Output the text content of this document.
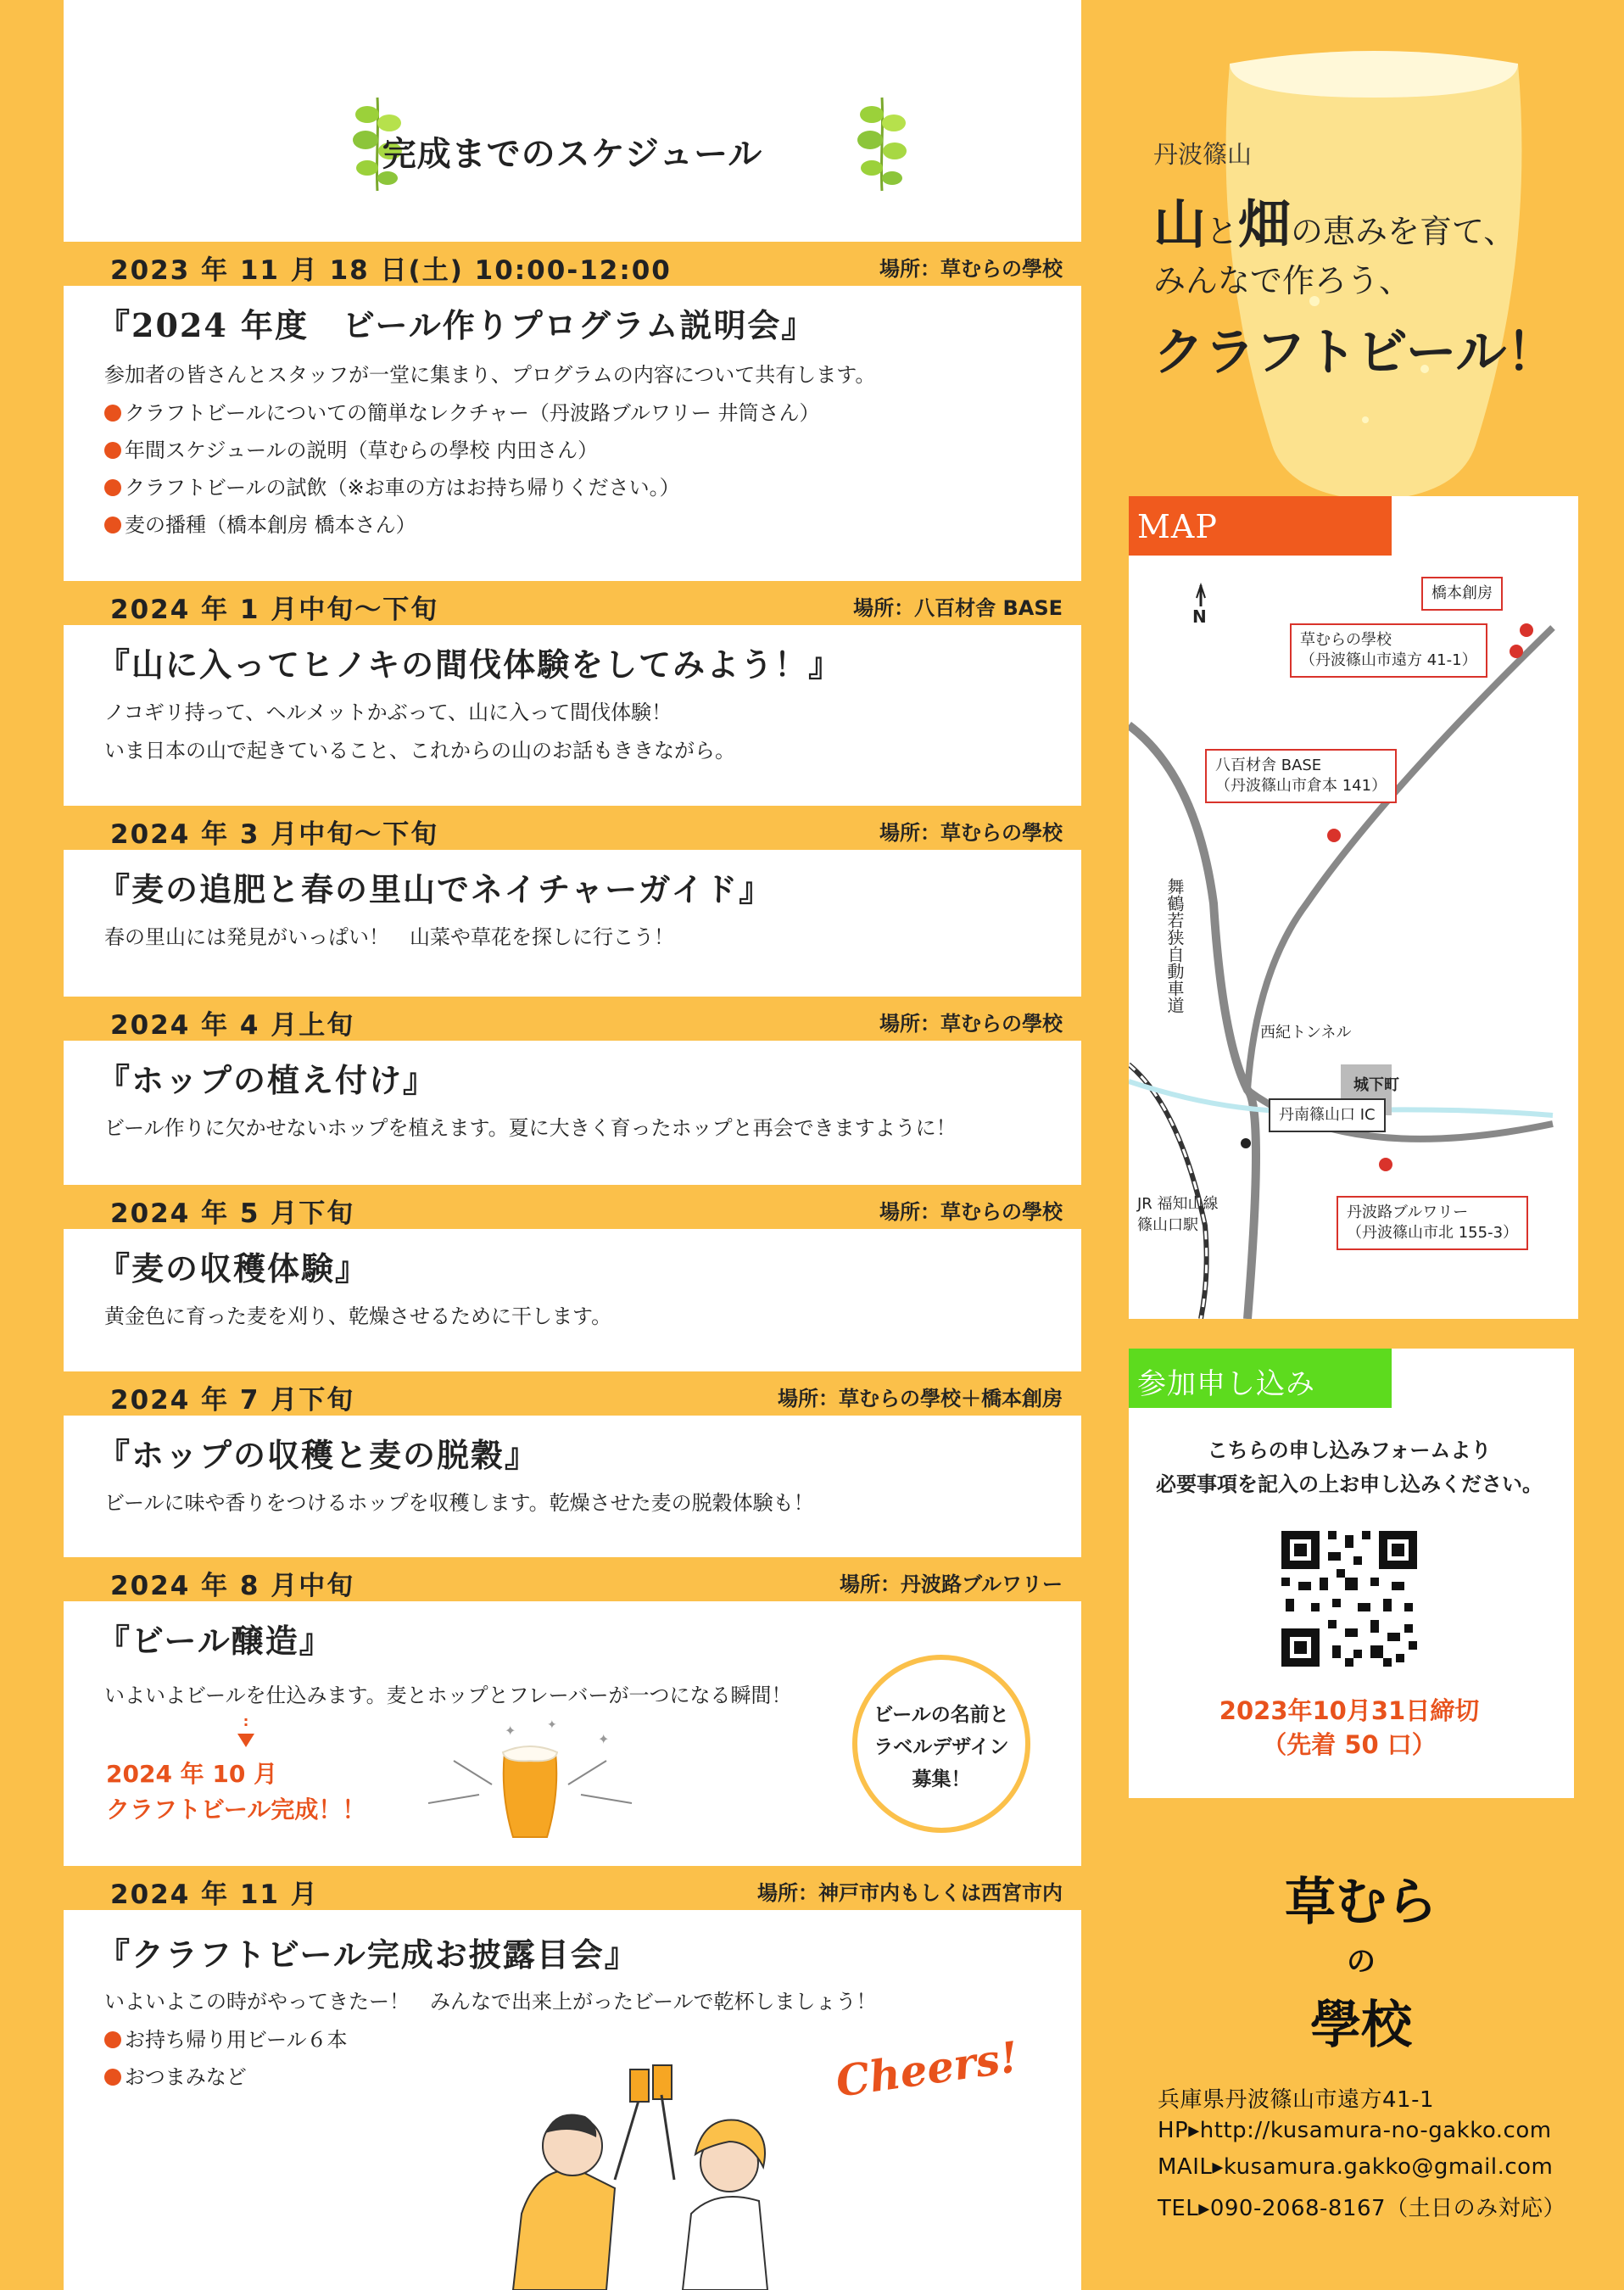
完成までのスケジュール
2023 年 11 月 18 日(土) 10:00-12:00	場所：草むらの學校
『2024 年度　ビール作りプログラム説明会』
参加者の皆さんとスタッフが一堂に集まり、プログラムの内容について共有します。
クラフトビールについての簡単なレクチャー（丹波路ブルワリー 井筒さん）
年間スケジュールの説明（草むらの學校 内田さん）
クラフトビールの試飲（※お車の方はお持ち帰りください。）
麦の播種（橋本創房 橋本さん）
2024 年 1 月中旬〜下旬	場所：八百材舎 BASE
『山に入ってヒノキの間伐体験をしてみよう！』
ノコギリ持って、ヘルメットかぶって、山に入って間伐体験！
いま日本の山で起きていること、これからの山のお話もききながら。
2024 年 3 月中旬〜下旬	場所：草むらの學校
『麦の追肥と春の里山でネイチャーガイド』
春の里山には発見がいっぱい！　山菜や草花を探しに行こう！
2024 年 4 月上旬	場所：草むらの學校
『ホップの植え付け』
ビール作りに欠かせないホップを植えます。夏に大きく育ったホップと再会できますように！
2024 年 5 月下旬	場所：草むらの學校
『麦の収穫体験』
黄金色に育った麦を刈り、乾燥させるために干します。
2024 年 7 月下旬	場所：草むらの學校＋橋本創房
『ホップの収穫と麦の脱穀』
ビールに味や香りをつけるホップを収穫します。乾燥させた麦の脱穀体験も！
2024 年 8 月中旬	場所：丹波路ブルワリー
『ビール醸造』
いよいよビールを仕込みます。麦とホップとフレーバーが一つになる瞬間！
2024 年 10 月
クラフトビール完成！！
✦	✦
✦
ビールの名前と
ラベルデザイン
募集！
2024 年 11 月	場所：神戸市内もしくは西宮市内
『クラフトビール完成お披露目会』
いよいよこの時がやってきたー！　みんなで出来上がったビールで乾杯しましょう！
お持ち帰り用ビール６本
おつまみなど	Cheers!
丹波篠山
山と畑の恵みを育て、
みんなで作ろう、
クラフトビール！
MAP
N
舞鶴若狭自動車道
西紀トンネル
城下町
丹南篠山口 IC
JR 福知山線
篠山口駅
橋本創房
草むらの學校
（丹波篠山市遠方 41-1）
八百材舎 BASE
（丹波篠山市倉本 141）
丹波路ブルワリー
（丹波篠山市北 155-3）
参加申し込み
こちらの申し込みフォームより
必要事項を記入の上お申し込みください。
2023年10月31日締切
（先着 50 口）
草むら
の
學校
兵庫県丹波篠山市遠方41-1
HP▸http://kusamura-no-gakko.com
MAIL▸kusamura.gakko@gmail.com
TEL▸090-2068-8167（土日のみ対応）
